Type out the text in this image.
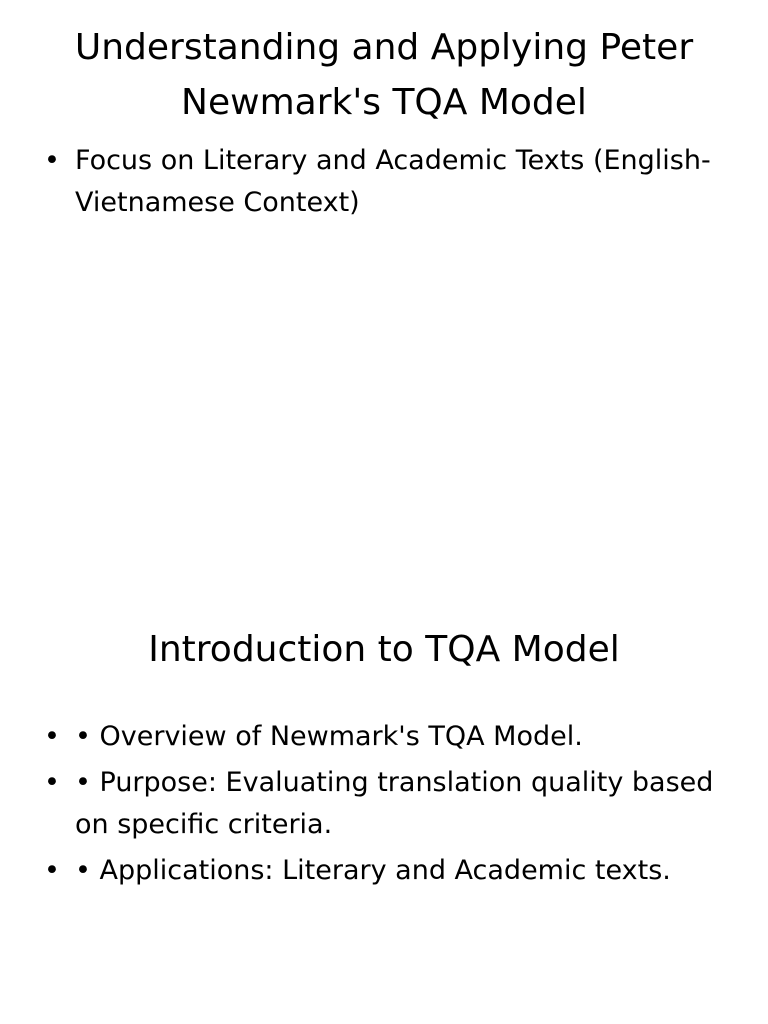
Understanding and Applying Peter Newmark's TQA Model
• Focus on Literary and Academic Texts (English-Vietnamese Context)
Introduction to TQA Model
• • Overview of Newmark's TQA Model.
• • Purpose: Evaluating translation quality based on specific criteria.
• • Applications: Literary and Academic texts.
